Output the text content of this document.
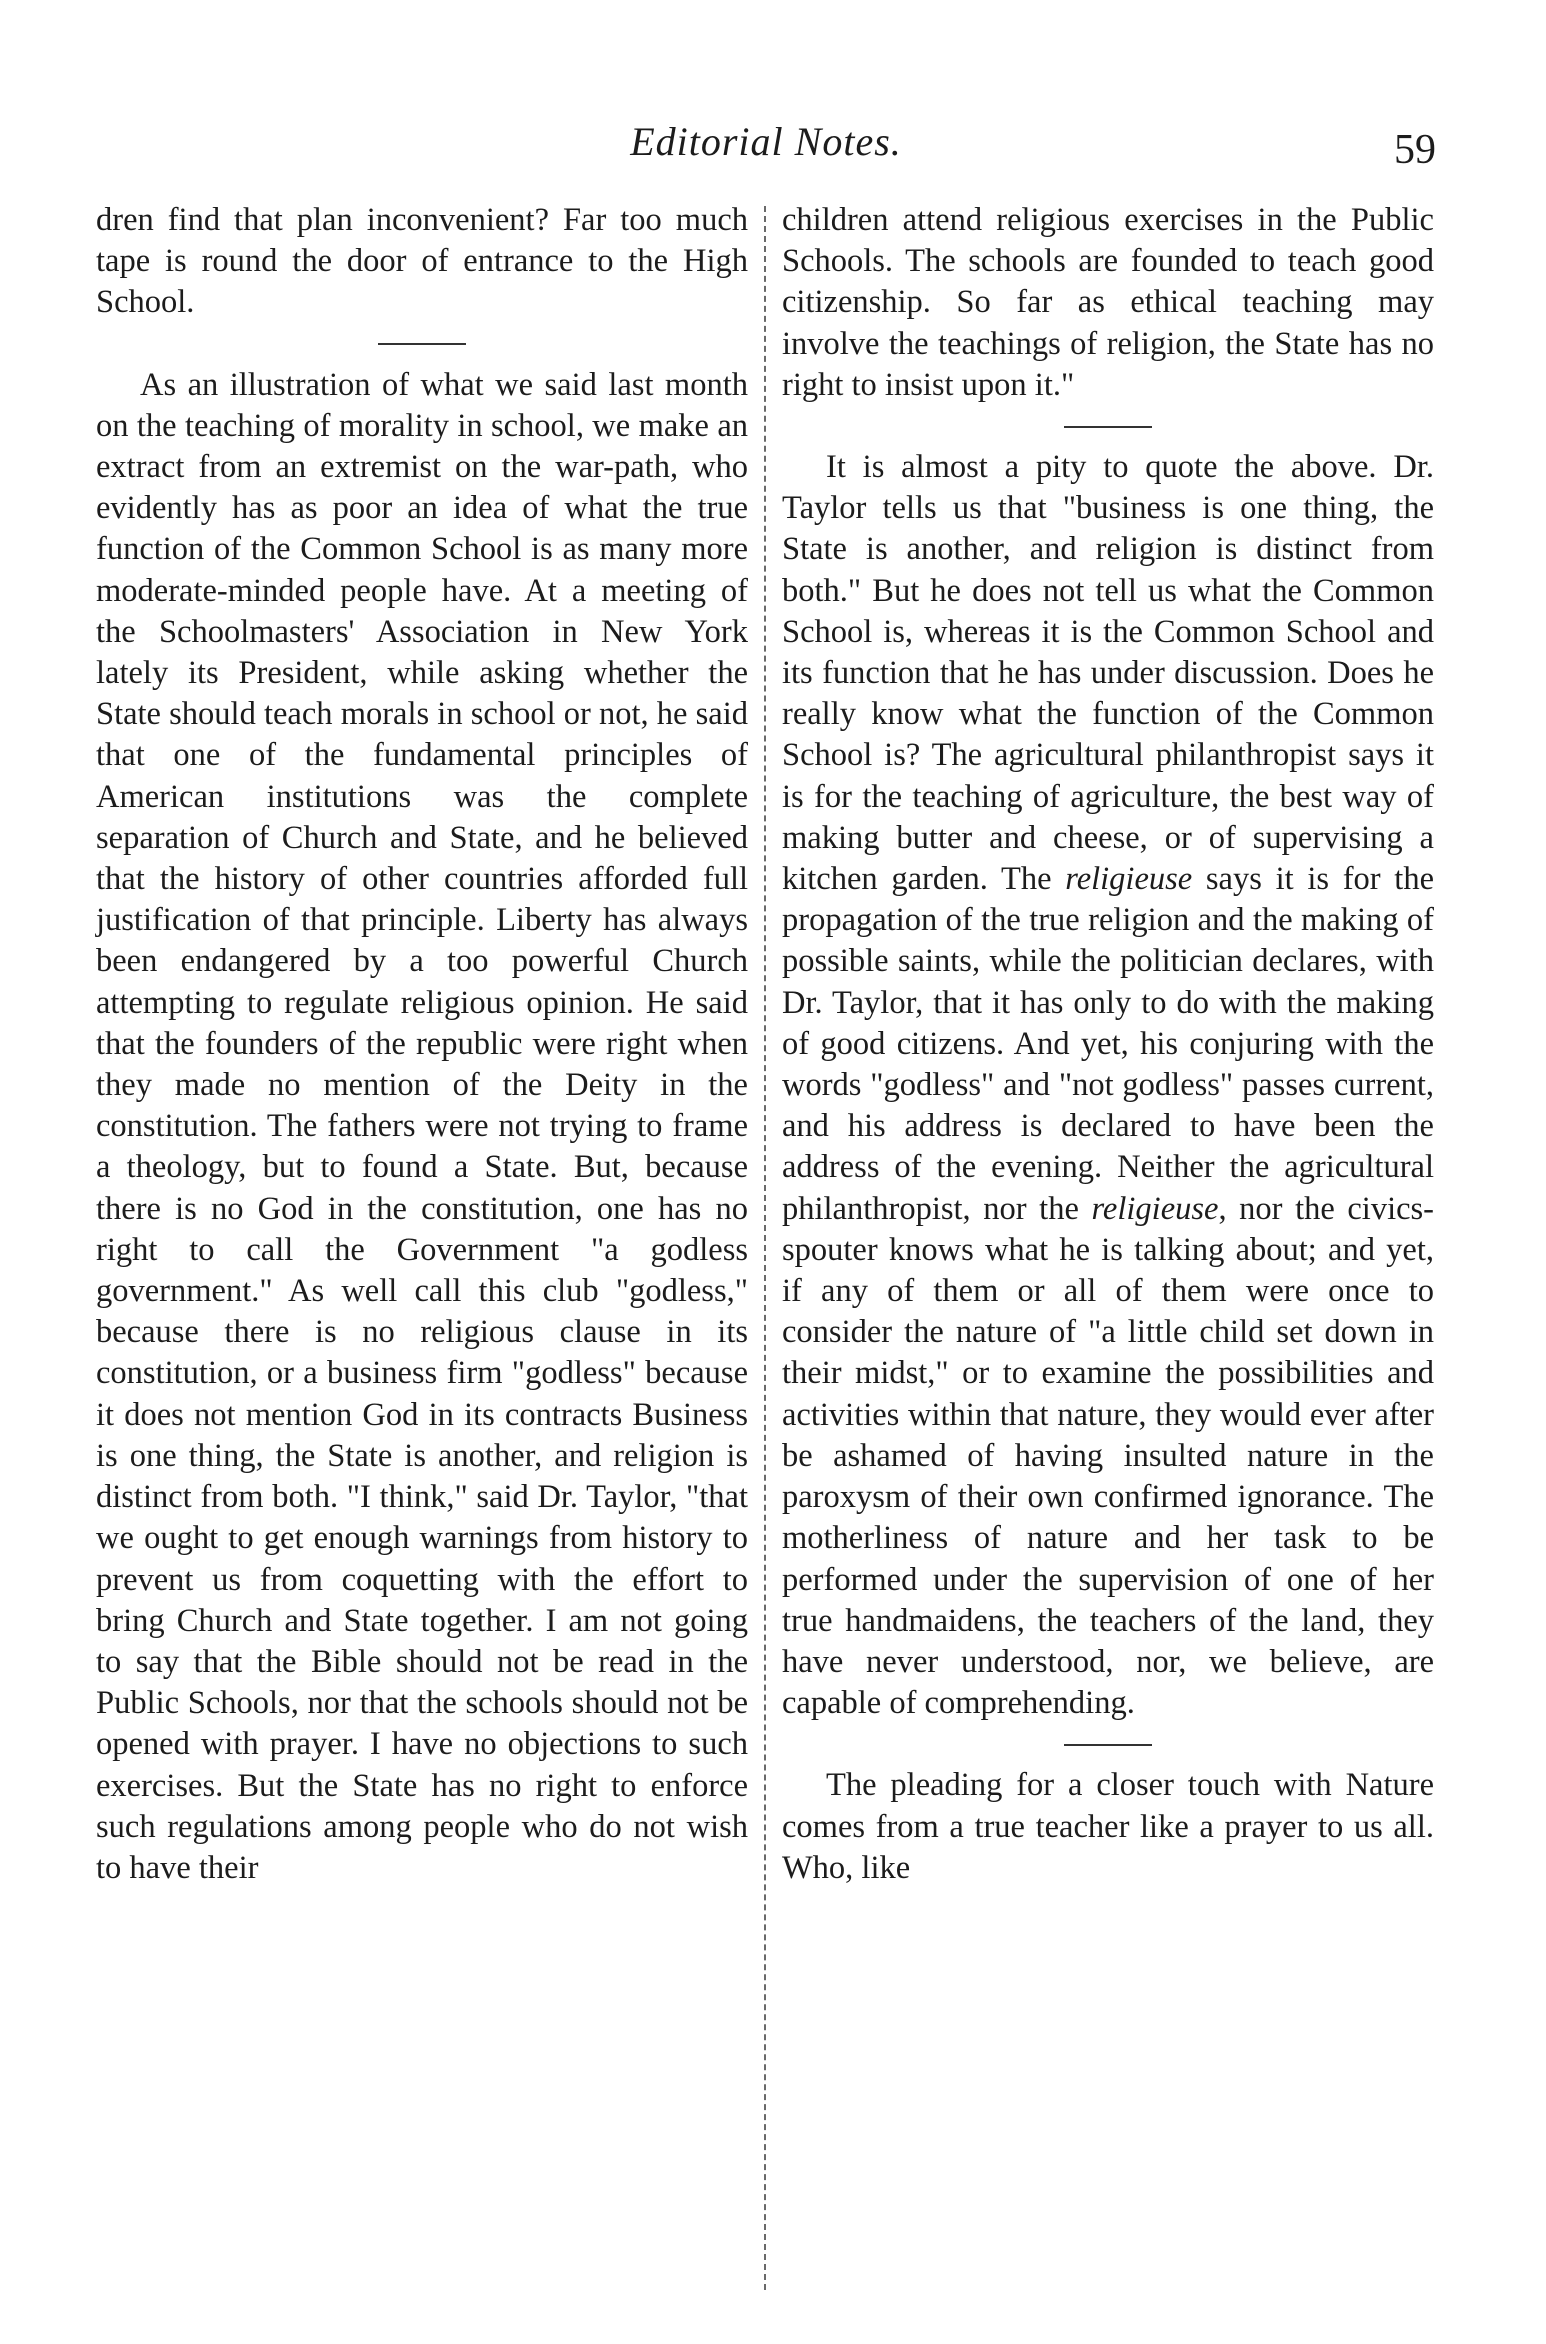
Editorial Notes.	59

dren find that plan inconvenient? Far too much tape is round the door of entrance to the High School.

As an illustration of what we said last month on the teaching of morality in school, we make an extract from an extremist on the war-path, who evidently has as poor an idea of what the true function of the Common School is as many more moderate-minded people have. At a meeting of the Schoolmasters' Association in New York lately its President, while asking whether the State should teach morals in school or not, he said that one of the fundamental principles of American institutions was the complete separation of Church and State, and he believed that the history of other countries afforded full justification of that principle. Liberty has always been endangered by a too powerful Church attempting to regulate religious opinion. He said that the founders of the republic were right when they made no mention of the Deity in the constitution. The fathers were not trying to frame a theology, but to found a State. But, because there is no God in the constitution, one has no right to call the Government "a godless government." As well call this club "godless," because there is no religious clause in its constitution, or a business firm "godless" because it does not mention God in its contracts Business is one thing, the State is another, and religion is distinct from both. "I think," said Dr. Taylor, "that we ought to get enough warnings from history to prevent us from coquetting with the effort to bring Church and State together. I am not going to say that the Bible should not be read in the Public Schools, nor that the schools should not be opened with prayer. I have no objections to such exercises. But the State has no right to enforce such regulations among people who do not wish to have their

children attend religious exercises in the Public Schools. The schools are founded to teach good citizenship. So far as ethical teaching may involve the teachings of religion, the State has no right to insist upon it."

It is almost a pity to quote the above. Dr. Taylor tells us that "business is one thing, the State is another, and religion is distinct from both." But he does not tell us what the Common School is, whereas it is the Common School and its function that he has under discussion. Does he really know what the function of the Common School is? The agricultural philanthropist says it is for the teaching of agriculture, the best way of making butter and cheese, or of supervising a kitchen garden. The religieuse says it is for the propagation of the true religion and the making of possible saints, while the politician declares, with Dr. Taylor, that it has only to do with the making of good citizens. And yet, his conjuring with the words "godless" and "not godless" passes current, and his address is declared to have been the address of the evening. Neither the agricultural philanthropist, nor the religieuse, nor the civics-spouter knows what he is talking about; and yet, if any of them or all of them were once to consider the nature of "a little child set down in their midst," or to examine the possibilities and activities within that nature, they would ever after be ashamed of having insulted nature in the paroxysm of their own confirmed ignorance. The motherliness of nature and her task to be performed under the supervision of one of her true handmaidens, the teachers of the land, they have never understood, nor, we believe, are capable of comprehending.

The pleading for a closer touch with Nature comes from a true teacher like a prayer to us all. Who, like
